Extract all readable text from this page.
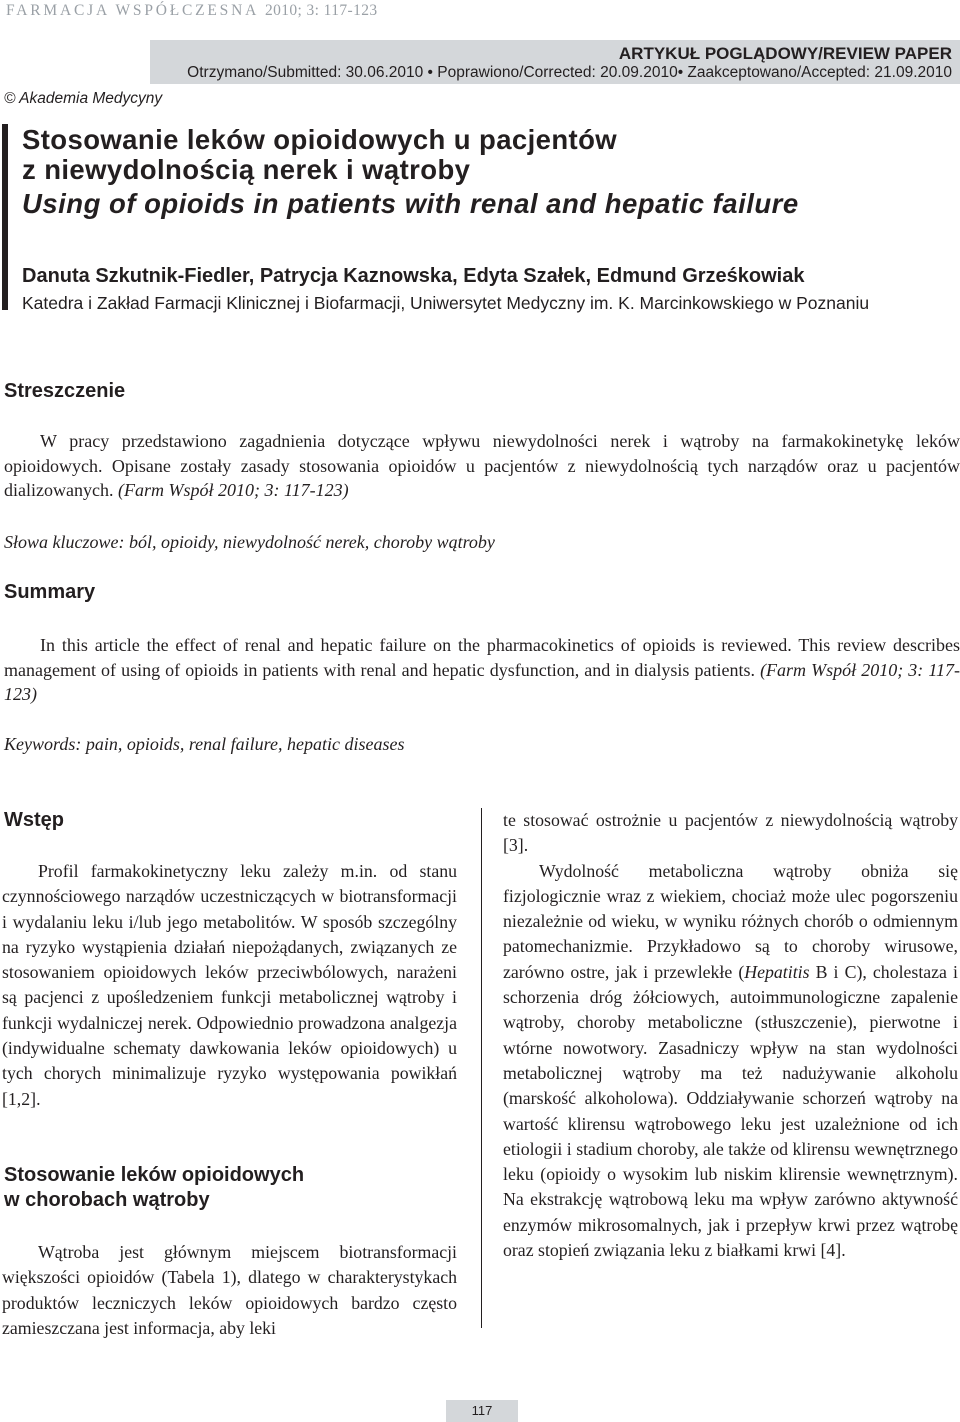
FARMACJA WSPÓŁCZESNA 2010; 3: 117-123
ARTYKUŁ POGLĄDOWY/REVIEW PAPER
Otrzymano/Submitted: 30.06.2010 • Poprawiono/Corrected: 20.09.2010• Zaakceptowano/Accepted: 21.09.2010
© Akademia Medycyny
Stosowanie leków opioidowych u pacjentów
z niewydolnością nerek i wątroby
Using of opioids in patients with renal and hepatic failure
Danuta Szkutnik-Fiedler, Patrycja Kaznowska, Edyta Szałek, Edmund Grześkowiak
Katedra i Zakład Farmacji Klinicznej i Biofarmacji, Uniwersytet Medyczny im. K. Marcinkowskiego w Poznaniu
Streszczenie
W pracy przedstawiono zagadnienia dotyczące wpływu niewydolności nerek i wątroby na farmakokinetykę leków opioidowych. Opisane zostały zasady stosowania opioidów u pacjentów z niewydolnością tych narządów oraz u pacjentów dializowanych. (Farm Współ 2010; 3: 117-123)
Słowa kluczowe: ból, opioidy, niewydolność nerek, choroby wątroby
Summary
In this article the effect of renal and hepatic failure on the pharmacokinetics of opioids is reviewed. This review describes management of using of opioids in patients with renal and hepatic dysfunction, and in dialysis patients. (Farm Współ 2010; 3: 117-123)
Keywords: pain, opioids, renal failure, hepatic diseases
Wstęp
Profil farmakokinetyczny leku zależy m.in. od stanu czynnościowego narządów uczestniczących w biotransformacji i wydalaniu leku i/lub jego metabolitów. W sposób szczególny na ryzyko wystąpienia działań niepożądanych, związanych ze stosowaniem opioidowych leków przeciwbólowych, narażeni są pacjenci z upośledzeniem funkcji metabolicznej wątroby i funkcji wydalniczej nerek. Odpowiednio prowadzona analgezja (indywidualne schematy dawkowania leków opioidowych) u tych chorych minimalizuje ryzyko występowania powikłań [1,2].
Stosowanie leków opioidowych
w chorobach wątroby
Wątroba jest głównym miejscem biotransformacji większości opioidów (Tabela 1), dlatego w charakterystykach produktów leczniczych leków opioidowych bardzo często zamieszczana jest informacja, aby leki

te stosować ostrożnie u pacjentów z niewydolnością wątroby [3].

Wydolność metaboliczna wątroby obniża się fizjologicznie wraz z wiekiem, chociaż może ulec pogorszeniu niezależnie od wieku, w wyniku różnych chorób o odmiennym patomechanizmie. Przykładowo są to choroby wirusowe, zarówno ostre, jak i przewlekłe (Hepatitis B i C), cholestaza i schorzenia dróg żółciowych, autoimmunologiczne zapalenie wątroby, choroby metaboliczne (stłuszczenie), pierwotne i wtórne nowotwory. Zasadniczy wpływ na stan wydolności metabolicznej wątroby ma też nadużywanie alkoholu (marskość alkoholowa). Oddziaływanie schorzeń wątroby na wartość klirensu wątrobowego leku jest uzależnione od ich etiologii i stadium choroby, ale także od klirensu wewnętrznego leku (opioidy o wysokim lub niskim klirensie wewnętrznym). Na ekstrakcję wątrobową leku ma wpływ zarówno aktywność enzymów mikrosomalnych, jak i przepływ krwi przez wątrobę oraz stopień związania leku z białkami krwi [4].

117
